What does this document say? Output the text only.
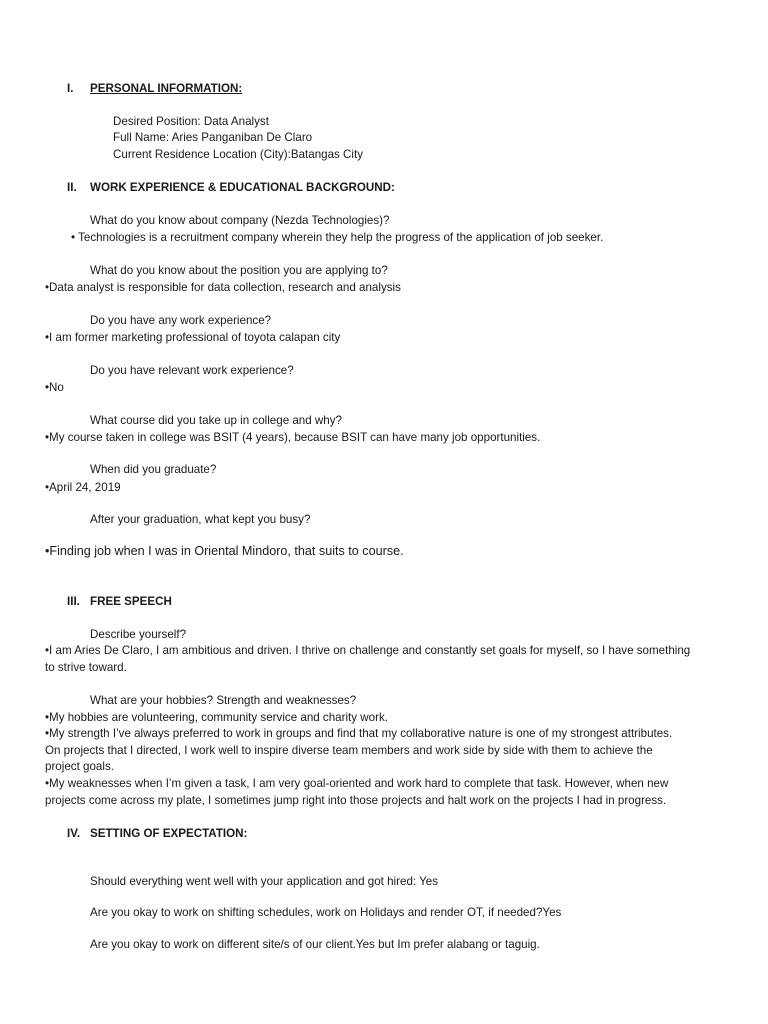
I. PERSONAL INFORMATION:
Desired Position: Data Analyst
Full Name: Aries Panganiban De Claro
Current Residence Location (City):Batangas City
II. WORK EXPERIENCE & EDUCATIONAL BACKGROUND:
What do you know about company (Nezda Technologies)?
• Technologies is a recruitment company wherein they help the progress of the application of job seeker.
What do you know about the position you are applying to?
•Data analyst is responsible for data collection, research and analysis
Do you have any work experience?
•I am former marketing professional of toyota calapan city
Do you have relevant work experience?
•No
What course did you take up in college and why?
•My course taken in college was BSIT (4 years), because BSIT can have many job opportunities.
When did you graduate?
•April 24, 2019
After your graduation, what kept you busy?
•Finding job when I was in Oriental Mindoro, that suits to course.
III. FREE SPEECH
Describe yourself?
•I am Aries De Claro, I am ambitious and driven. I thrive on challenge and constantly set goals for myself, so I have something
to strive toward.
What are your hobbies? Strength and weaknesses?
•My hobbies are volunteering, community service and charity work.
•My strength I’ve always preferred to work in groups and find that my collaborative nature is one of my strongest attributes.
On projects that I directed, I work well to inspire diverse team members and work side by side with them to achieve the
project goals.
•My weaknesses when I’m given a task, I am very goal-oriented and work hard to complete that task. However, when new
projects come across my plate, I sometimes jump right into those projects and halt work on the projects I had in progress.
IV. SETTING OF EXPECTATION:
Should everything went well with your application and got hired: Yes
Are you okay to work on shifting schedules, work on Holidays and render OT, if needed?Yes
Are you okay to work on different site/s of our client.Yes but Im prefer alabang or taguig.
